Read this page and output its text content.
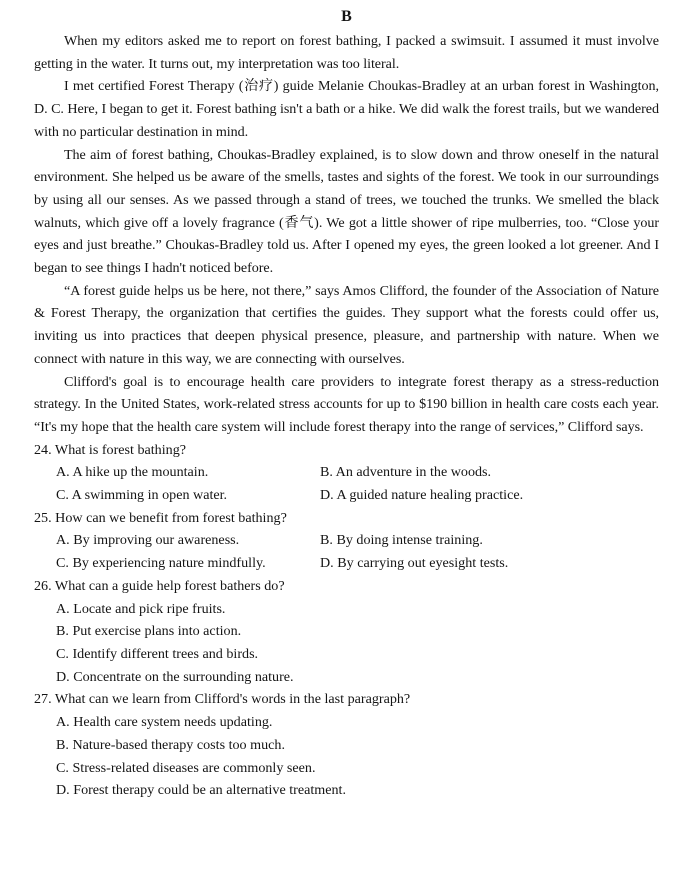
B

When my editors asked me to report on forest bathing, I packed a swimsuit. I assumed it must involve getting in the water. It turns out, my interpretation was too literal.

I met certified Forest Therapy (治疗) guide Melanie Choukas-Bradley at an urban forest in Washington, D. C. Here, I began to get it. Forest bathing isn't a bath or a hike. We did walk the forest trails, but we wandered with no particular destination in mind.

The aim of forest bathing, Choukas-Bradley explained, is to slow down and throw oneself in the natural environment. She helped us be aware of the smells, tastes and sights of the forest. We took in our surroundings by using all our senses. As we passed through a stand of trees, we touched the trunks. We smelled the black walnuts, which give off a lovely fragrance (香气). We got a little shower of ripe mulberries, too. “Close your eyes and just breathe.” Choukas-Bradley told us. After I opened my eyes, the green looked a lot greener. And I began to see things I hadn't noticed before.

“A forest guide helps us be here, not there,” says Amos Clifford, the founder of the Association of Nature & Forest Therapy, the organization that certifies the guides. They support what the forests could offer us, inviting us into practices that deepen physical presence, pleasure, and partnership with nature. When we connect with nature in this way, we are connecting with ourselves.

Clifford's goal is to encourage health care providers to integrate forest therapy as a stress-reduction strategy. In the United States, work-related stress accounts for up to $190 billion in health care costs each year. “It's my hope that the health care system will include forest therapy into the range of services,” Clifford says.

24. What is forest bathing?

A. A hike up the mountain.	B. An adventure in the woods.
C. A swimming in open water.	D. A guided nature healing practice.

25. How can we benefit from forest bathing?

A. By improving our awareness.	B. By doing intense training.
C. By experiencing nature mindfully.	D. By carrying out eyesight tests.

26. What can a guide help forest bathers do?

A. Locate and pick ripe fruits.

B. Put exercise plans into action.

C. Identify different trees and birds.

D. Concentrate on the surrounding nature.

27. What can we learn from Clifford's words in the last paragraph?

A. Health care system needs updating.

B. Nature-based therapy costs too much.

C. Stress-related diseases are commonly seen.

D. Forest therapy could be an alternative treatment.
